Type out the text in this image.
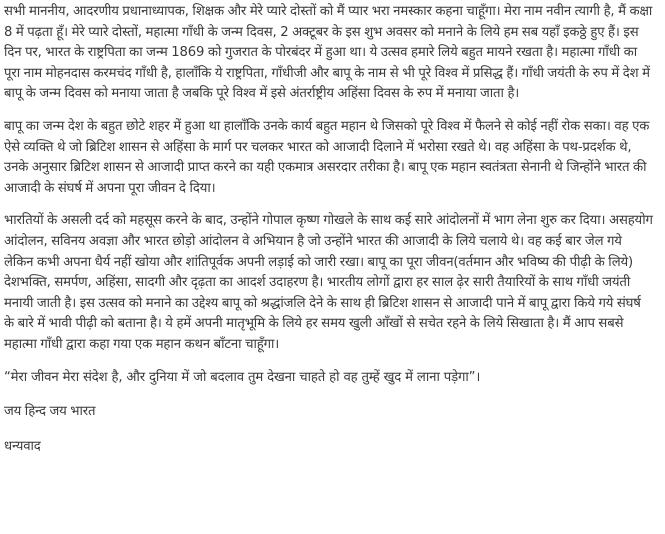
सभी माननीय, आदरणीय प्रधानाध्यापक, शिक्षक और मेरे प्यारे दोस्तों को मैं प्यार भरा नमस्कार कहना चाहूँगा। मेरा नाम नवीन त्यागी है, मैं कक्षा 8 में पढ़ता हूँ। मेरे प्यारे दोस्तों, महात्मा गाँधी के जन्म दिवस, 2 अक्टूबर के इस शुभ अवसर को मनाने के लिये हम सब यहाँ इकठ्ठे हुए हैं। इस दिन पर, भारत के राष्ट्रपिता का जन्म 1869 को गुजरात के पोरबंदर में हुआ था। ये उत्सव हमारे लिये बहुत मायने रखता है। महात्मा गाँधी का पूरा नाम मोहनदास करमचंद गाँधी है, हालाँकि ये राष्ट्रपिता, गाँधीजी और बापू के नाम से भी पूरे विश्व में प्रसिद्ध हैं। गाँधी जयंती के रुप में देश में बापू के जन्म दिवस को मनाया जाता है जबकि पूरे विश्व में इसे अंतर्राष्ट्रीय अहिंसा दिवस के रुप में मनाया जाता है।

बापू का जन्म देश के बहुत छोटे शहर में हुआ था हालाँकि उनके कार्य बहुत महान थे जिसको पूरे विश्व में फैलने से कोई नहीं रोक सका। वह एक ऐसे व्यक्ति थे जो ब्रिटिश शासन से अहिंसा के मार्ग पर चलकर भारत को आजादी दिलाने में भरोसा रखते थे। वह अहिंसा के पथ-प्रदर्शक थे, उनके अनुसार ब्रिटिश शासन से आजादी प्राप्त करने का यही एकमात्र असरदार तरीका है। बापू एक महान स्वतंत्रता सेनानी थे जिन्होंने भारत की आजादी के संघर्ष में अपना पूरा जीवन दे दिया।

भारतियों के असली दर्द को महसूस करने के बाद, उन्होंने गोपाल कृष्ण गोखले के साथ कई सारे आंदोलनों में भाग लेना शुरु कर दिया। असहयोग आंदोलन, सविनय अवज्ञा और भारत छोड़ो आंदोलन वे अभियान है जो उन्होंने भारत की आजादी के लिये चलाये थे। वह कई बार जेल गये लेकिन कभी अपना धैर्य नहीं खोया और शांतिपूर्वक अपनी लड़ाई को जारी रखा। बापू का पूरा जीवन(वर्तमान और भविष्य की पीढ़ी के लिये) देशभक्ति, समर्पण, अहिंसा, सादगी और दृढ़ता का आदर्श उदाहरण है। भारतीय लोगों द्वारा हर साल ढ़ेर सारी तैयारियों के साथ गाँधी जयंती मनायी जाती है। इस उत्सव को मनाने का उद्देश्य बापू को श्रद्धांजलि देने के साथ ही ब्रिटिश शासन से आजादी पाने में बापू द्वारा किये गये संघर्ष के बारे में भावी पीढ़ी को बताना है। ये हमें अपनी मातृभूमि के लिये हर समय खुली आँखों से सचेत रहने के लिये सिखाता है। मैं आप सबसे महात्मा गाँधी द्वारा कहा गया एक महान कथन बाँटना चाहूँगा।

“मेरा जीवन मेरा संदेश है, और दुनिया में जो बदलाव तुम देखना चाहते हो वह तुम्हें खुद में लाना पड़ेगा”।

जय हिन्द जय भारत

धन्यवाद
